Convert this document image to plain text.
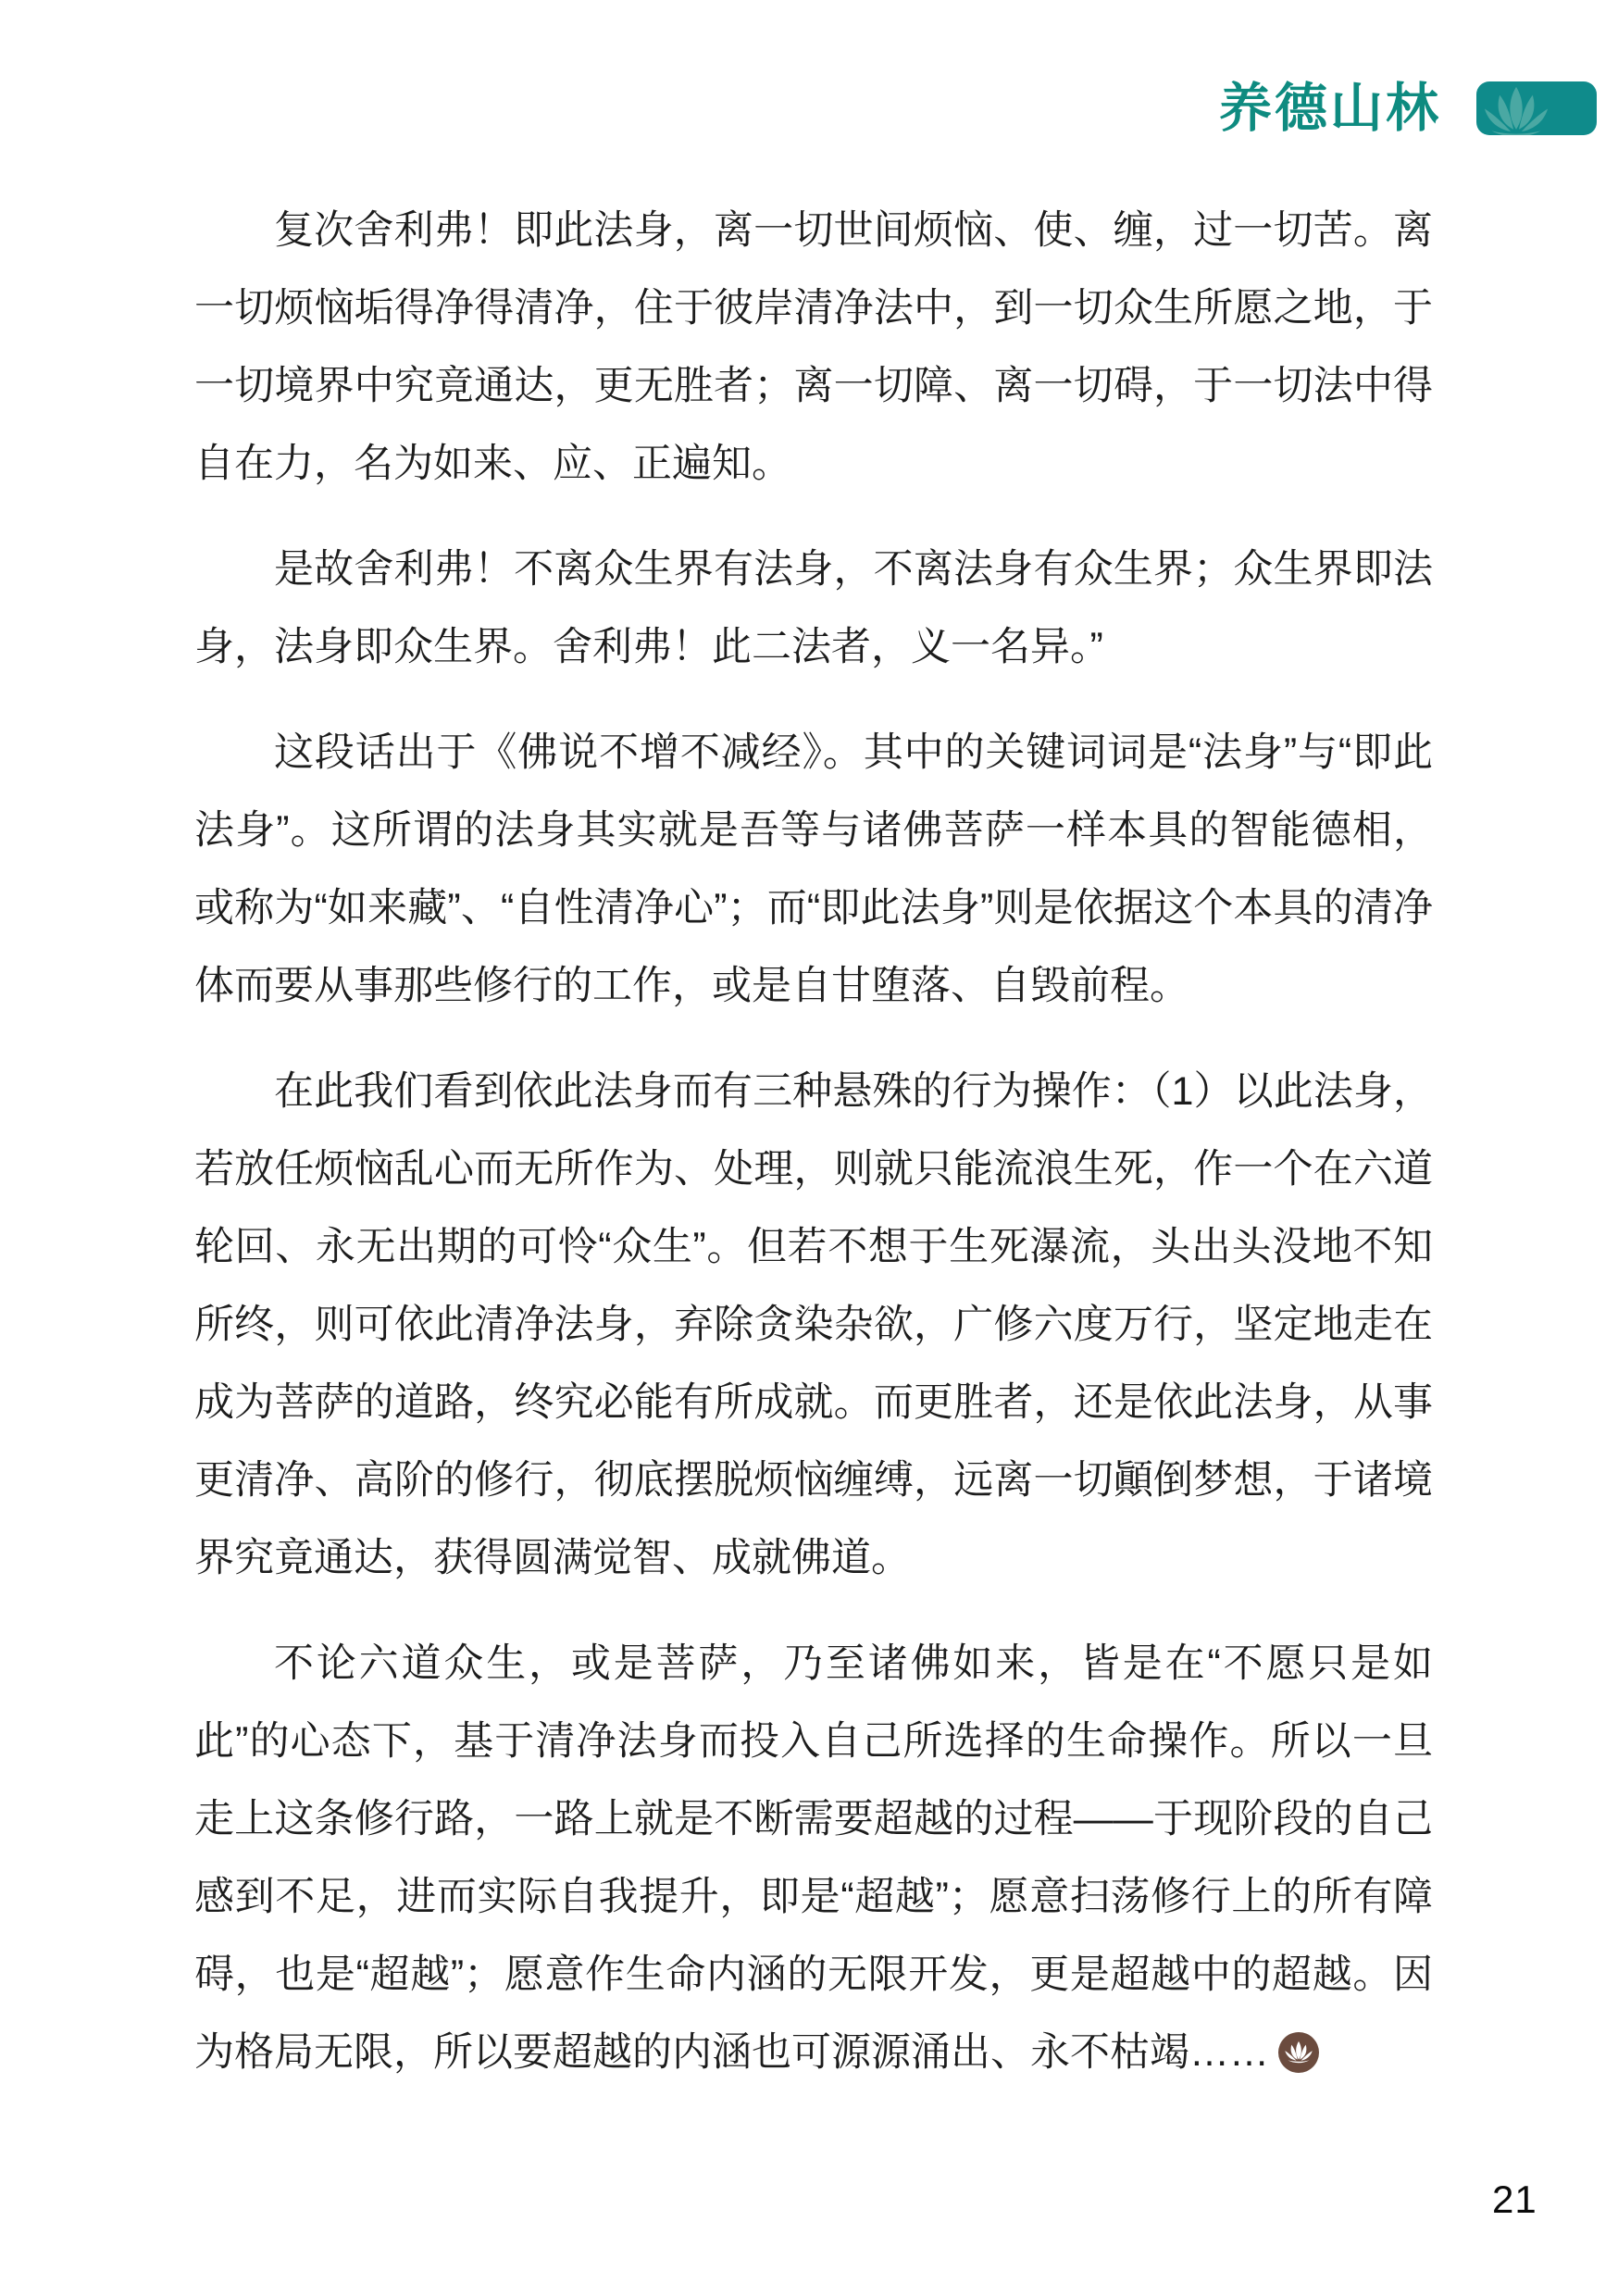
养德山林

复次舍利弗！即此法身，离一切世间烦恼、使、缠，过一切苦。离一切烦恼垢得净得清净，住于彼岸清净法中，到一切众生所愿之地，于一切境界中究竟通达，更无胜者；离一切障、离一切碍，于一切法中得自在力，名为如来、应、正遍知。

是故舍利弗！不离众生界有法身，不离法身有众生界；众生界即法身，法身即众生界。舍利弗！此二法者，义一名异。”

这段话出于《佛说不增不减经》。其中的关键词词是“法身”与“即此法身”。这所谓的法身其实就是吾等与诸佛菩萨一样本具的智能德相，或称为“如来藏”、“自性清净心”；而“即此法身”则是依据这个本具的清净体而要从事那些修行的工作，或是自甘堕落、自毁前程。

在此我们看到依此法身而有三种悬殊的行为操作：（1）以此法身，若放任烦恼乱心而无所作为、处理，则就只能流浪生死，作一个在六道轮回、永无出期的可怜“众生”。但若不想于生死瀑流，头出头没地不知所终，则可依此清净法身，弃除贪染杂欲，广修六度万行，坚定地走在成为菩萨的道路，终究必能有所成就。而更胜者，还是依此法身，从事更清净、高阶的修行，彻底摆脱烦恼缠缚，远离一切顚倒梦想，于诸境界究竟通达，获得圆满觉智、成就佛道。

不论六道众生，或是菩萨，乃至诸佛如来，皆是在“不愿只是如此”的心态下，基于清净法身而投入自己所选择的生命操作。所以一旦走上这条修行路，一路上就是不断需要超越的过程——于现阶段的自己感到不足，进而实际自我提升，即是“超越”；愿意扫荡修行上的所有障碍，也是“超越”；愿意作生命内涵的无限开发，更是超越中的超越。因为格局无限，所以要超越的内涵也可源源涌出、永不枯竭……

21
